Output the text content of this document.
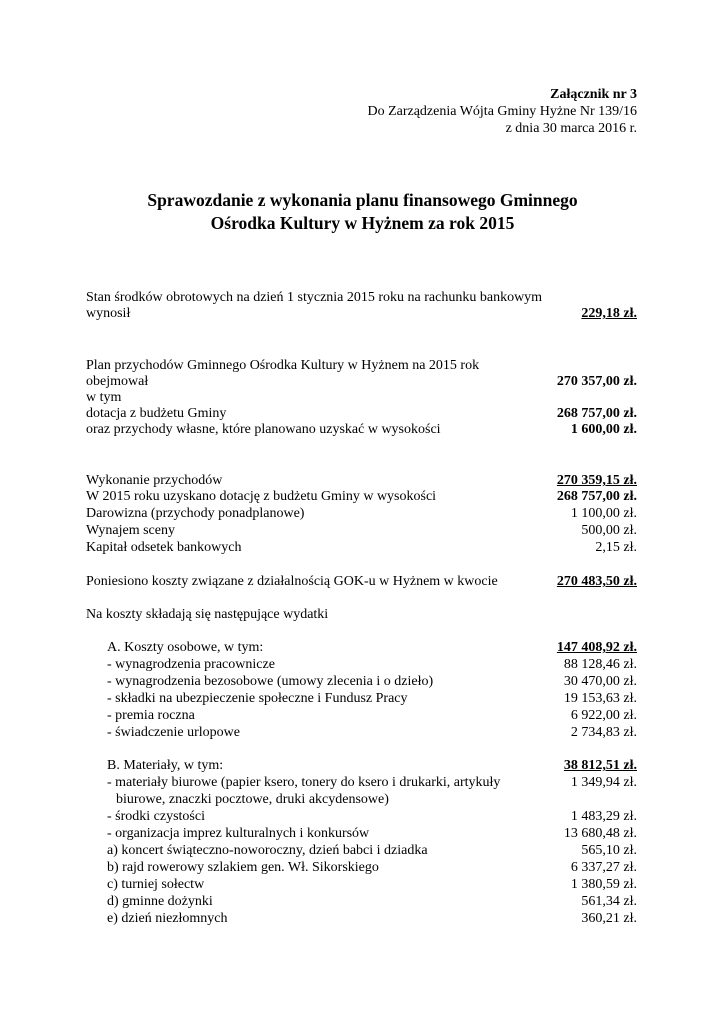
Załącznik nr 3
Do Zarządzenia Wójta Gminy Hyżne Nr 139/16
z dnia 30 marca 2016 r.
Sprawozdanie z wykonania planu finansowego Gminnego
Ośrodka Kultury w Hyżnem za rok 2015
Stan środków obrotowych na dzień 1 stycznia 2015 roku na rachunku bankowym
wynosił	229,18 zł.
Plan przychodów Gminnego Ośrodka Kultury w Hyżnem na 2015 rok
obejmował	270 357,00 zł.
w tym
dotacja z budżetu Gminy	268 757,00 zł.
oraz przychody własne, które planowano uzyskać w wysokości	1 600,00 zł.
Wykonanie przychodów	270 359,15 zł.
W 2015 roku uzyskano dotację z budżetu Gminy w wysokości	268 757,00 zł.
Darowizna (przychody ponadplanowe)	1 100,00 zł.
Wynajem sceny	500,00 zł.
Kapitał odsetek bankowych	2,15 zł.
Poniesiono koszty związane z działalnością GOK-u w Hyżnem w kwocie	270 483,50 zł.
Na koszty składają się następujące wydatki
A. Koszty osobowe, w tym:	147 408,92 zł.
- wynagrodzenia pracownicze	88 128,46 zł.
- wynagrodzenia bezosobowe (umowy zlecenia i o dzieło)	30 470,00 zł.
- składki na ubezpieczenie społeczne i Fundusz Pracy	19 153,63 zł.
- premia roczna	6 922,00 zł.
- świadczenie urlopowe	2 734,83 zł.
B. Materiały, w tym:	38 812,51 zł.
- materiały biurowe (papier ksero, tonery do ksero i drukarki, artykuły	1 349,94 zł.
biurowe, znaczki pocztowe, druki akcydensowe)
- środki czystości	1 483,29 zł.
- organizacja imprez kulturalnych i konkursów	13 680,48 zł.
a) koncert świąteczno-noworoczny, dzień babci i dziadka	565,10 zł.
b) rajd rowerowy szlakiem gen. Wł. Sikorskiego	6 337,27 zł.
c) turniej sołectw	1 380,59 zł.
d) gminne dożynki	561,34 zł.
e) dzień niezłomnych	360,21 zł.
